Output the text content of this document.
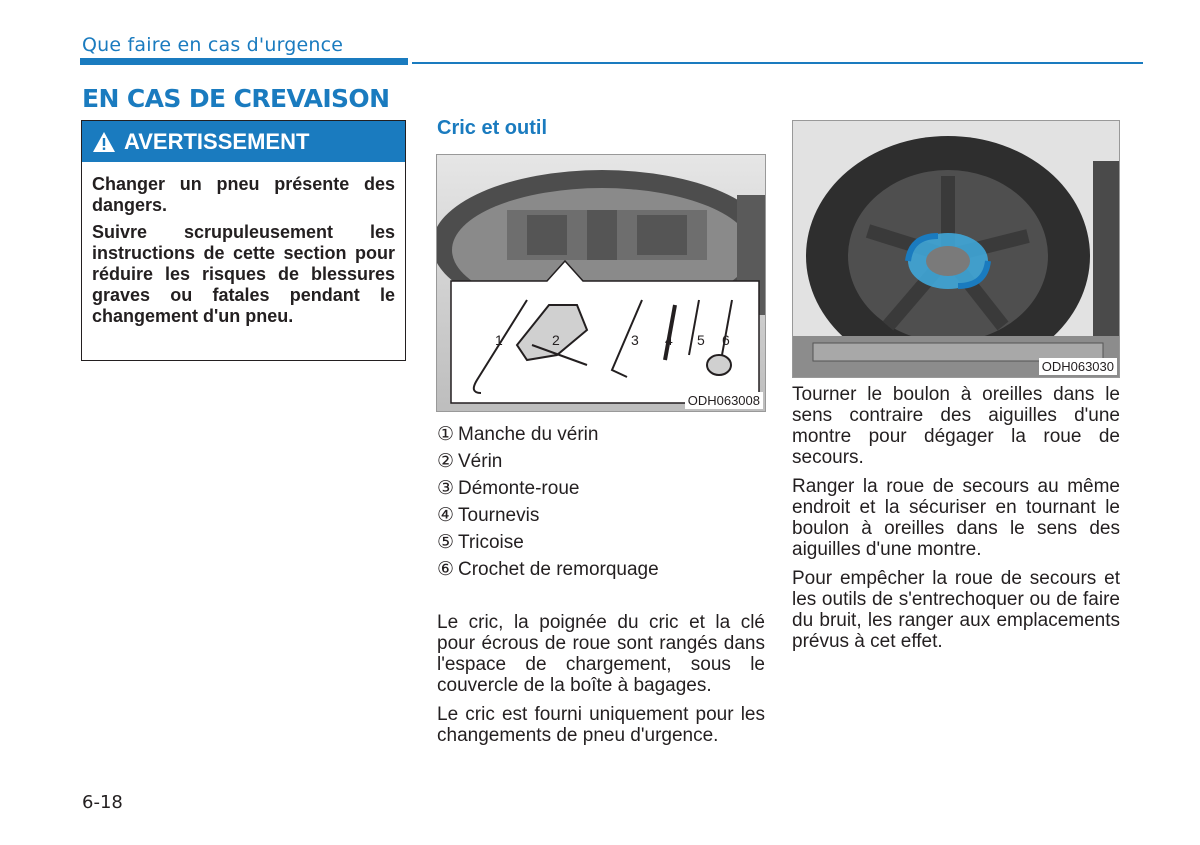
Que faire en cas d'urgence
EN CAS DE CREVAISON
AVERTISSEMENT

Changer un pneu présente des dangers.

Suivre scrupuleusement les instructions de cette section pour réduire les risques de blessures graves ou fatales pendant le changement d'un pneu.

Cric et outil
1	2	3 4 5 6
ODH063008
① Manche du vérin
② Vérin
③ Démonte-roue
④ Tournevis
⑤ Tricoise
⑥ Crochet de remorquage

Le cric, la poignée du cric et la clé pour écrous de roue sont rangés dans l'espace de chargement, sous le couvercle de la boîte à bagages.

Le cric est fourni uniquement pour les changements de pneu d'urgence.

ODH063030

Tourner le boulon à oreilles dans le sens contraire des aiguilles d'une montre pour dégager la roue de secours.

Ranger la roue de secours au même endroit et la sécuriser en tournant le boulon à oreilles dans le sens des aiguilles d'une montre.

Pour empêcher la roue de secours et les outils de s'entrechoquer ou de faire du bruit, les ranger aux emplacements prévus à cet effet.

6-18
